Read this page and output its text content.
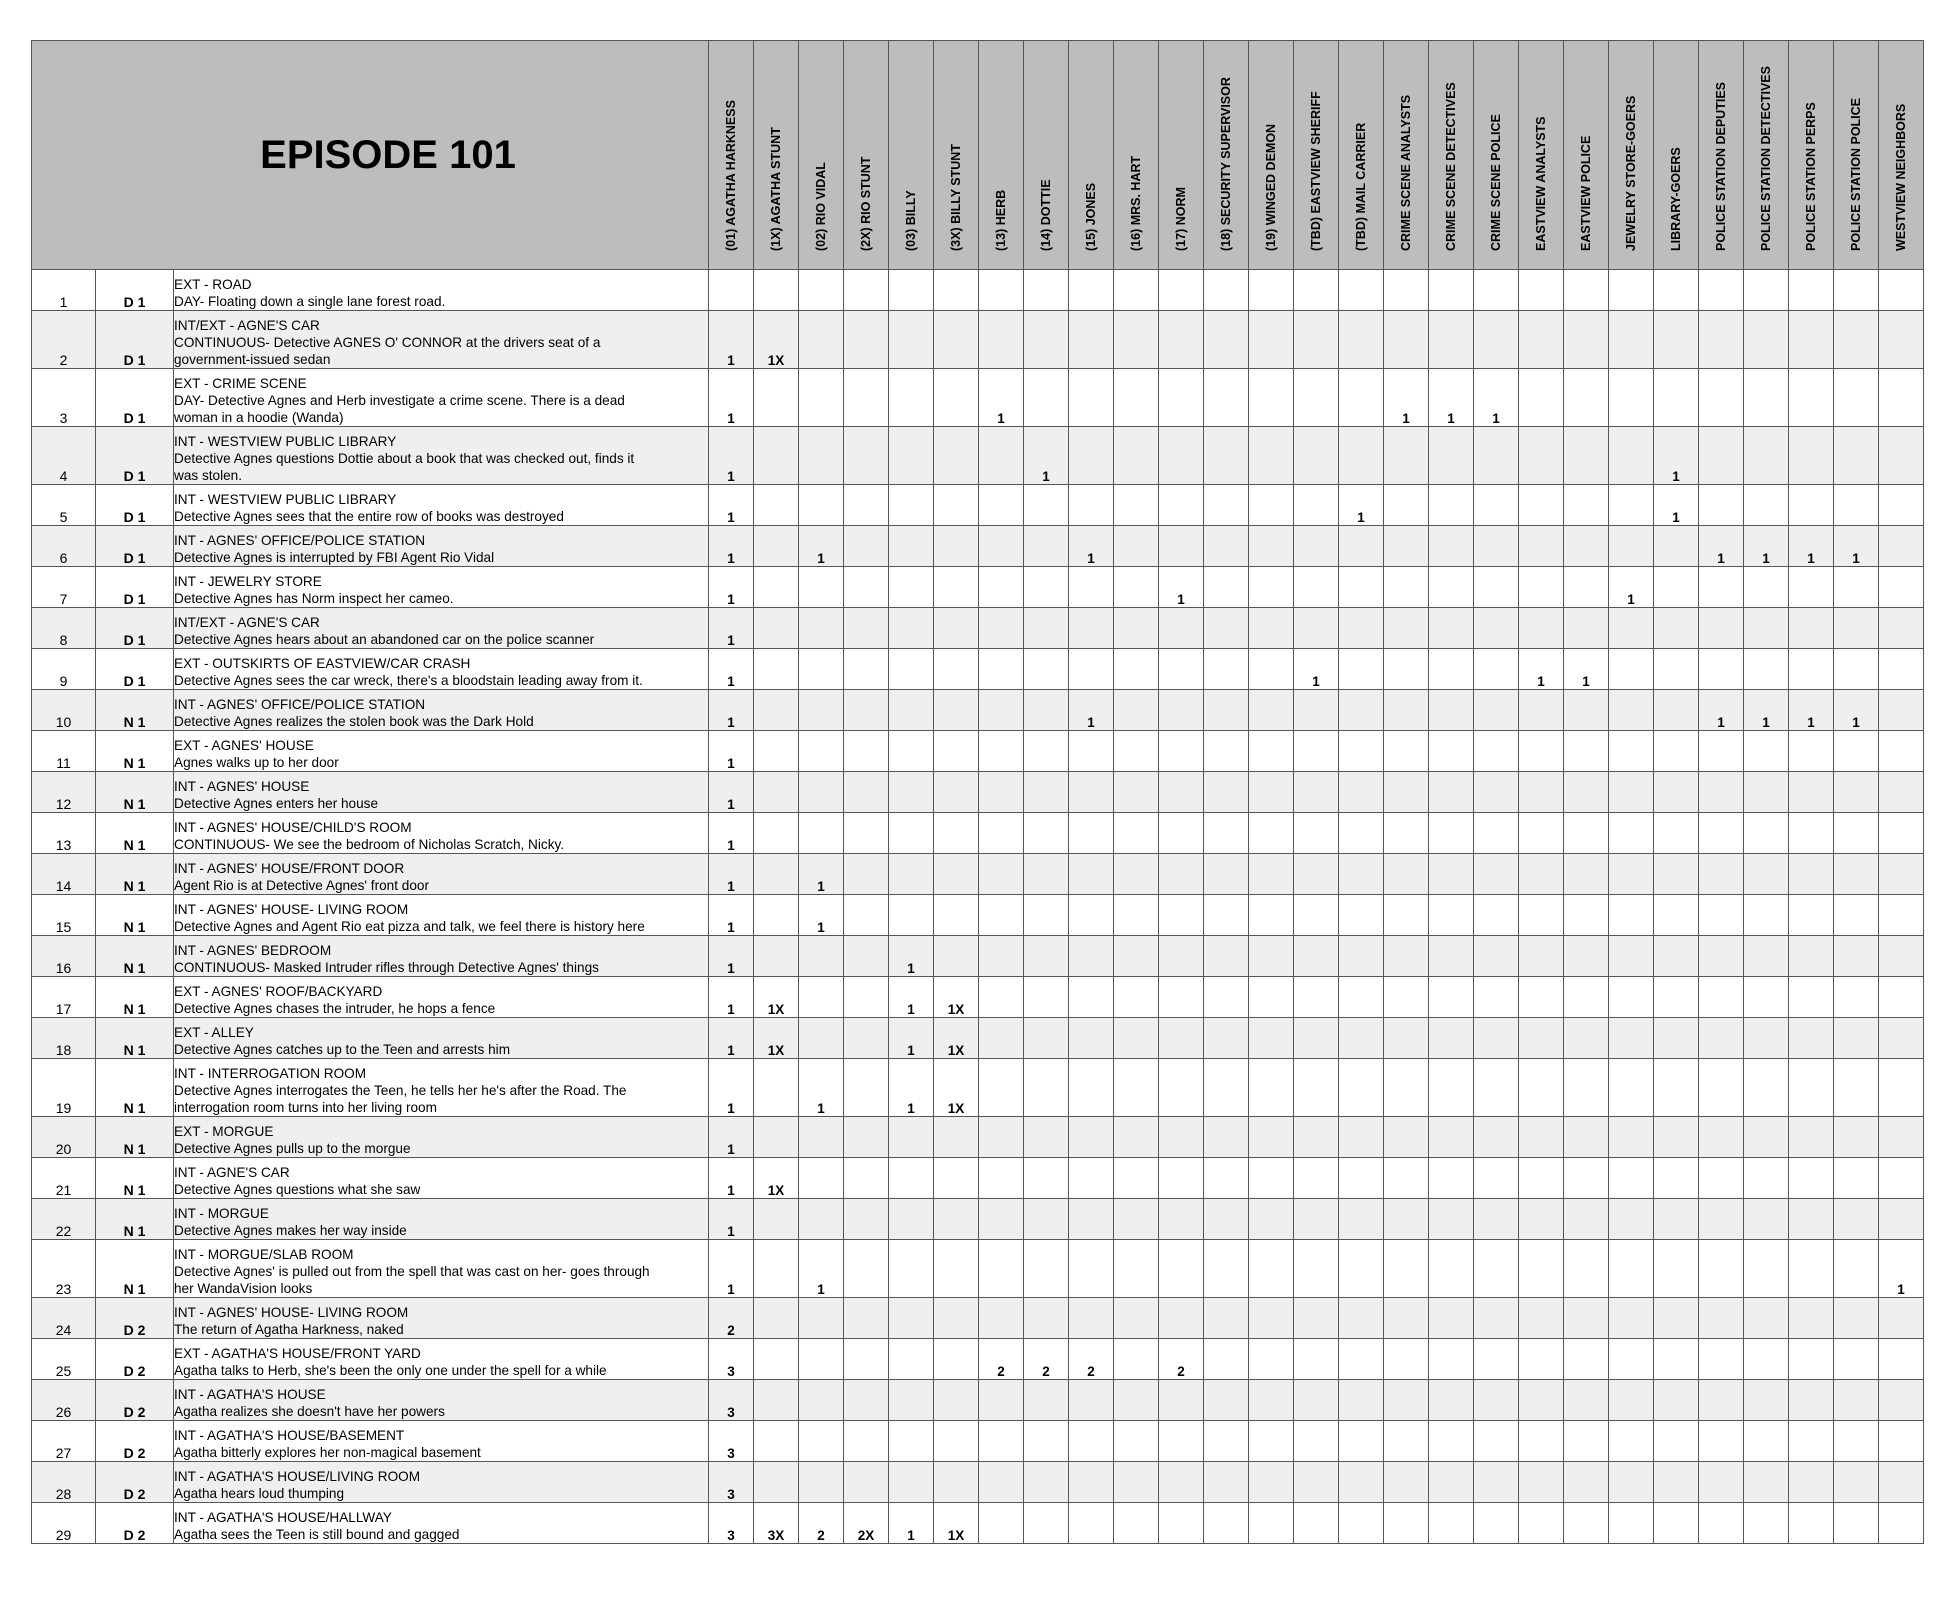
EPISODE 101			(01) AGATHA HARKNESS	(1X) AGATHA STUNT	(02) RIO VIDAL	(2X) RIO STUNT	(03) BILLY	(3X) BILLY STUNT	(13) HERB	(14) DOTTIE	(15) JONES	(16) MRS. HART	(17) NORM	(18) SECURITY SUPERVISOR	(19) WINGED DEMON	(TBD) EASTVIEW SHERIFF	(TBD) MAIL CARRIER	CRIME SCENE ANALYSTS	CRIME SCENE DETECTIVES	CRIME SCENE POLICE	EASTVIEW ANALYSTS	EASTVIEW POLICE	JEWELRY STORE-GOERS	LIBRARY-GOERS	POLICE STATION DEPUTIES	POLICE STATION DETECTIVES	POLICE STATION PERPS	POLICE STATION POLICE	WESTVIEW NEIGHBORS

1	D 1	EXT - ROAD
DAY- Floating down a single lane forest road.																											

2	D 1	INT/EXT - AGNE'S CAR
CONTINUOUS- Detective AGNES O' CONNOR at the drivers seat of a
government-issued sedan	1	1X																									
3	D 1	EXT - CRIME SCENE
DAY- Detective Agnes and Herb investigate a crime scene. There is a dead
woman in a hoodie (Wanda)	1						1									1	1	1									
4	D 1	INT - WESTVIEW PUBLIC LIBRARY
Detective Agnes questions Dottie about a book that was checked out, finds it
was stolen.	1							1														1					
5	D 1	INT - WESTVIEW PUBLIC LIBRARY
Detective Agnes sees that the entire row of books was destroyed	1														1							1					
6	D 1	INT - AGNES' OFFICE/POLICE STATION
Detective Agnes is interrupted by FBI Agent Rio Vidal	1		1						1														1	1	1	1	
7	D 1	INT - JEWELRY STORE
Detective Agnes has Norm inspect her cameo.	1										1										1						
8	D 1	INT/EXT - AGNE'S CAR
Detective Agnes hears about an abandoned car on the police scanner	1																										
9	D 1	EXT - OUTSKIRTS OF EASTVIEW/CAR CRASH
Detective Agnes sees the car wreck, there's a bloodstain leading away from it.	1													1					1	1							
10	N 1	INT - AGNES' OFFICE/POLICE STATION
Detective Agnes realizes the stolen book was the Dark Hold	1								1														1	1	1	1	
11	N 1	EXT - AGNES' HOUSE
Agnes walks up to her door	1																										
12	N 1	INT - AGNES' HOUSE
Detective Agnes enters her house	1																										
13	N 1	INT - AGNES' HOUSE/CHILD'S ROOM
CONTINUOUS- We see the bedroom of Nicholas Scratch, Nicky.	1																										
14	N 1	INT - AGNES' HOUSE/FRONT DOOR
Agent Rio is at Detective Agnes' front door	1		1																								
15	N 1	INT - AGNES' HOUSE- LIVING ROOM
Detective Agnes and Agent Rio eat pizza and talk, we feel there is history here	1		1																								
16	N 1	INT - AGNES' BEDROOM
CONTINUOUS- Masked Intruder rifles through Detective Agnes' things	1				1																						
17	N 1	EXT - AGNES' ROOF/BACKYARD
Detective Agnes chases the intruder, he hops a fence	1	1X			1	1X																					
18	N 1	EXT - ALLEY
Detective Agnes catches up to the Teen and arrests him	1	1X			1	1X																					
19	N 1	INT - INTERROGATION ROOM
Detective Agnes interrogates the Teen, he tells her he's after the Road. The
interrogation room turns into her living room	1		1		1	1X																					
20	N 1	EXT - MORGUE
Detective Agnes pulls up to the morgue	1																										
21	N 1	INT - AGNE'S CAR
Detective Agnes questions what she saw	1	1X																									
22	N 1	INT - MORGUE
Detective Agnes makes her way inside	1																										
23	N 1	INT - MORGUE/SLAB ROOM
Detective Agnes' is pulled out from the spell that was cast on her- goes through
her WandaVision looks	1		1																								1
24	D 2	INT - AGNES' HOUSE- LIVING ROOM
The return of Agatha Harkness, naked	2																										
25	D 2	EXT - AGATHA'S HOUSE/FRONT YARD
Agatha talks to Herb, she's been the only one under the spell for a while	3						2	2	2		2																
26	D 2	INT - AGATHA'S HOUSE
Agatha realizes she doesn't have her powers	3																										
27	D 2	INT - AGATHA'S HOUSE/BASEMENT
Agatha bitterly explores her non-magical basement	3																										
28	D 2	INT - AGATHA'S HOUSE/LIVING ROOM
Agatha hears loud thumping	3																										
29	D 2	INT - AGATHA'S HOUSE/HALLWAY
Agatha sees the Teen is still bound and gagged	3	3X	2	2X	1	1X																					
